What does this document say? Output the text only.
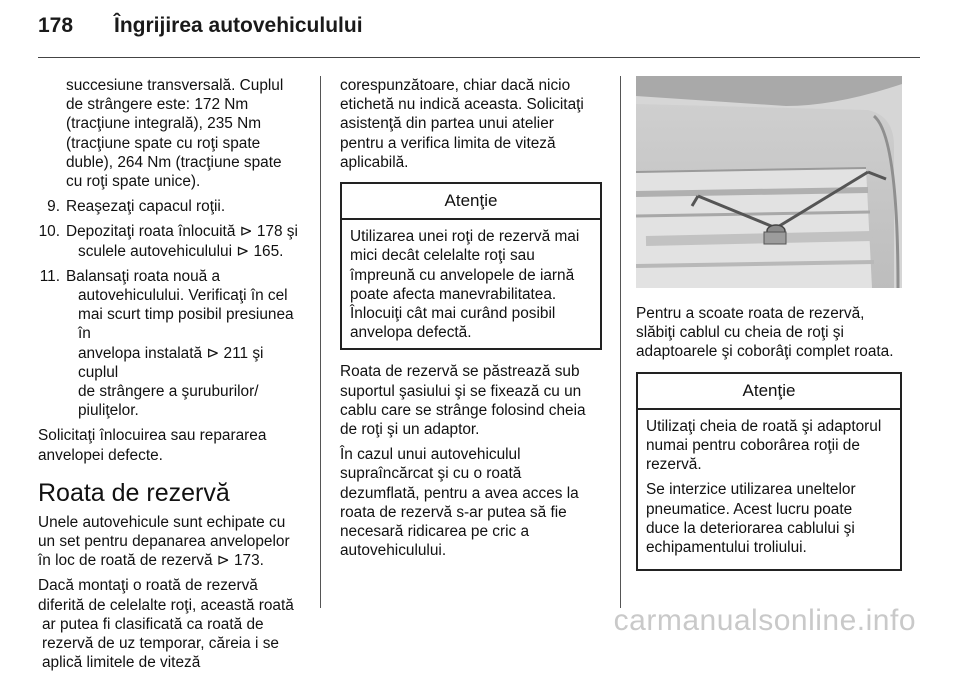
178 Îngrijirea autovehiculului
succesiune transversală. Cuplul
de strângere este: 172 Nm
(tracţiune integrală), 235 Nm
(tracţiune spate cu roţi spate
duble), 264 Nm (tracţiune spate
cu roţi spate unice).
9. Reaşezaţi capacul roţii.
10. Depozitaţi roata înlocuită ⊳ 178 şi
sculele autovehiculului ⊳ 165.
11. Balansaţi roata nouă a
autovehiculului. Verificaţi în cel
mai scurt timp posibil presiunea în
anvelopa instalată ⊳ 211 şi cuplul
de strângere a şuruburilor/
piuliţelor.

Solicitaţi înlocuirea sau repararea
anvelopei defecte.

Roata de rezervă

Unele autovehicule sunt echipate cu
un set pentru depanarea anvelopelor
în loc de roată de rezervă ⊳ 173.

Dacă montaţi o roată de rezervă
diferită de celelalte roţi, această roată
ar putea fi clasificată ca roată de
rezervă de uz temporar, căreia i se
aplică limitele de viteză

corespunzătoare, chiar dacă nicio
etichetă nu indică aceasta. Solicitaţi
asistenţă din partea unui atelier
pentru a verifica limita de viteză
aplicabilă.

Atenţie
Utilizarea unei roţi de rezervă mai
mici decât celelalte roţi sau
împreună cu anvelopele de iarnă
poate afecta manevrabilitatea.
Înlocuiţi cât mai curând posibil
anvelopa defectă.

Roata de rezervă se păstrează sub
suportul şasiului şi se fixează cu un
cablu care se strânge folosind cheia
de roţi şi un adaptor.

În cazul unui autovehiculul
supraîncărcat şi cu o roată
dezumflată, pentru a avea acces la
roata de rezervă s-ar putea să fie
necesară ridicarea pe cric a
autovehiculului.

Pentru a scoate roata de rezervă,
slăbiţi cablul cu cheia de roţi şi
adaptoarele şi coborâţi complet roata.

Atenţie

Utilizaţi cheia de roată şi adaptorul
numai pentru coborârea roţii de
rezervă.

Se interzice utilizarea uneltelor
pneumatice. Acest lucru poate
duce la deteriorarea cablului şi
echipamentului troliului.

carmanualsonline.info
